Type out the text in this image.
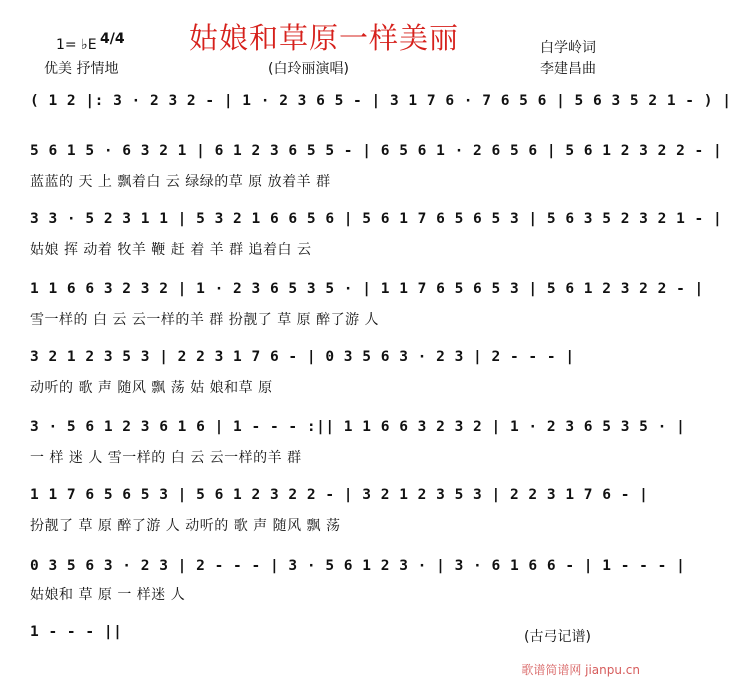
1= ♭E 4/4
优美 抒情地
姑娘和草原一样美丽
(白玲丽演唱)
白学岭词
李建昌曲
( 1 2 |: 3 · 2 3 2 - | 1 · 2 3 6 5 - | 3 1 7 6 · 7 6 5 6 | 5 6 3 5 2 1 - ) |
5 6 1 5 · 6 3 2 1 | 6 1 2 3 6 5 5 - | 6 5 6 1 · 2 6 5 6 | 5 6 1 2 3 2 2 - |
蓝蓝的 天 上 飘着白 云 绿绿的草 原 放着羊 群
3 3 · 5 2 3 1 1 | 5 3 2 1 6 6 5 6 | 5 6 1 7 6 5 6 5 3 | 5 6 3 5 2 3 2 1 - |
姑娘 挥 动着 牧羊 鞭 赶 着 羊 群 追着白 云
1 1 6 6 3 2 3 2 | 1 · 2 3 6 5 3 5 · | 1 1 7 6 5 6 5 3 | 5 6 1 2 3 2 2 - |
雪一样的 白 云 云一样的羊 群 扮靓了 草 原 醉了游 人
3 2 1 2 3 5 3 | 2 2 3 1 7 6 - | 0 3 5 6 3 · 2 3 | 2 - - - |
动听的 歌 声 随风 飘 荡 姑 娘和草 原
3 · 5 6 1 2 3 6 1 6 | 1 - - - :|| 1 1 6 6 3 2 3 2 | 1 · 2 3 6 5 3 5 · |
一 样 迷 人 雪一样的 白 云 云一样的羊 群
1 1 7 6 5 6 5 3 | 5 6 1 2 3 2 2 - | 3 2 1 2 3 5 3 | 2 2 3 1 7 6 - |
扮靓了 草 原 醉了游 人 动听的 歌 声 随风 飘 荡
0 3 5 6 3 · 2 3 | 2 - - - | 3 · 5 6 1 2 3 · | 3 · 6 1 6 6 - | 1 - - - |
姑娘和 草 原 一 样迷 人
1 - - - ||	(古弓记谱)
歌谱简谱网 jianpu.cn
